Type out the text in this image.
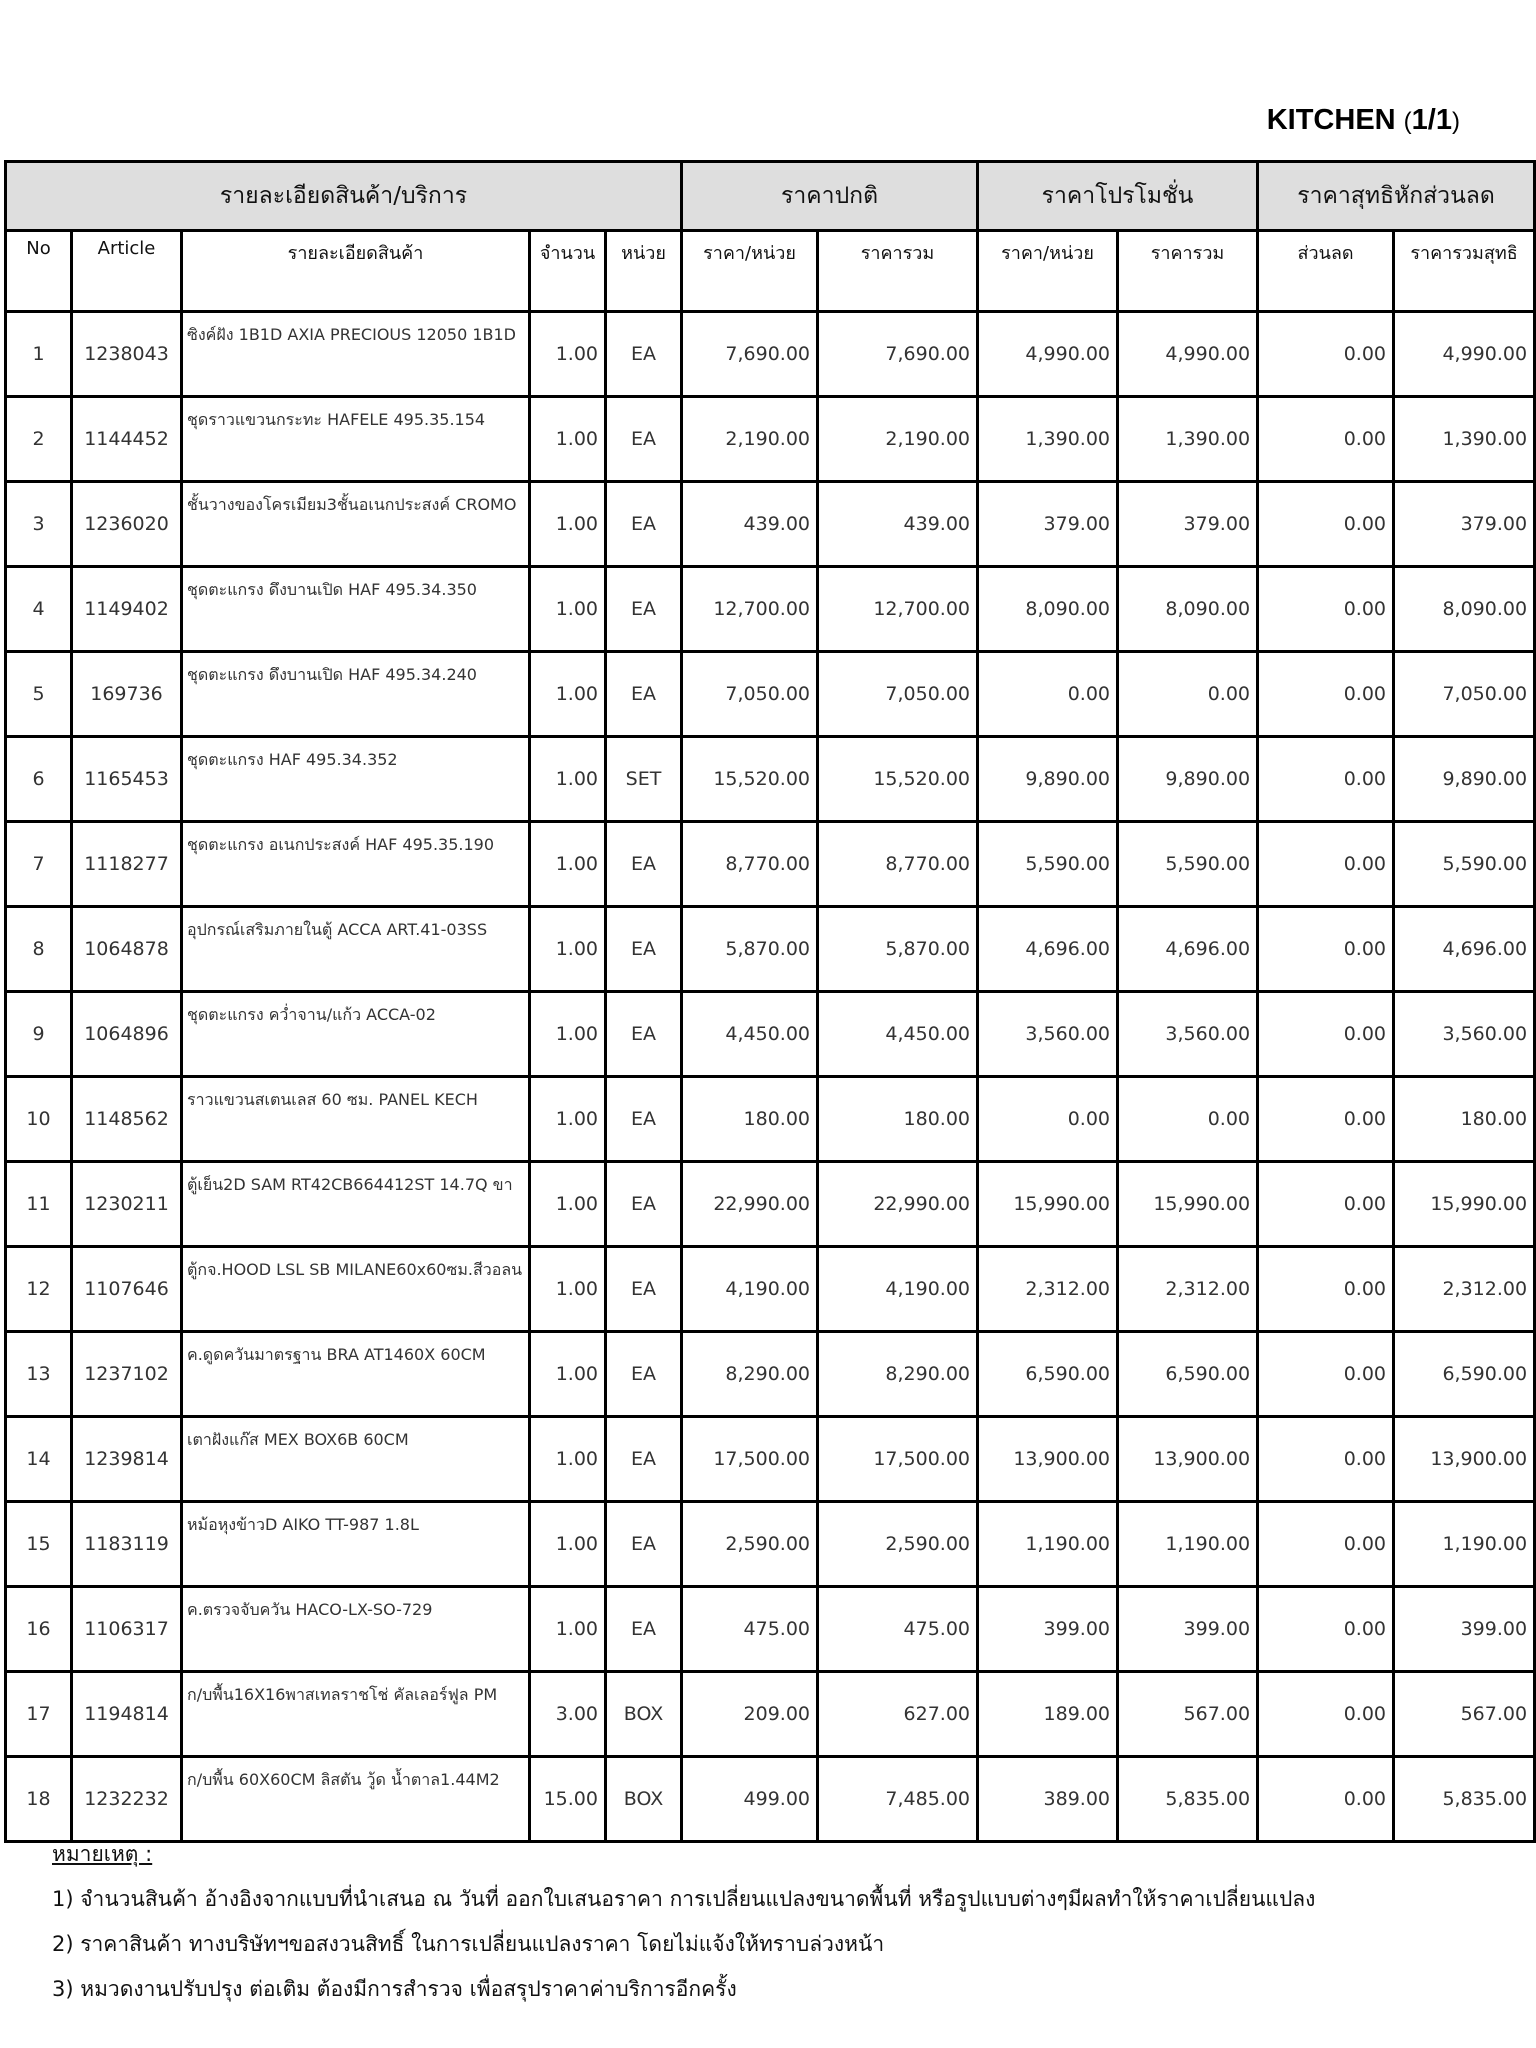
KITCHEN (1/1)
รายละเอียดสินค้า/บริการ					ราคาปกติ		ราคาโปรโมชั่น		ราคาสุทธิหักส่วนลด	
No	Article	รายละเอียดสินค้า	จำนวน	หน่วย	ราคา/หน่วย	ราคารวม	ราคา/หน่วย	ราคารวม	ส่วนลด	ราคารวมสุทธิ
1	1238043	ซิงค์ฝัง 1B1D AXIA PRECIOUS 12050 1B1D	1.00	EA	7,690.00	7,690.00	4,990.00	4,990.00	0.00	4,990.00
2	1144452	ชุดราวแขวนกระทะ HAFELE 495.35.154	1.00	EA	2,190.00	2,190.00	1,390.00	1,390.00	0.00	1,390.00
3	1236020	ชั้นวางของโครเมียม3ชั้นอเนกประสงค์ CROMO	1.00	EA	439.00	439.00	379.00	379.00	0.00	379.00
4	1149402	ชุดตะแกรง ดึงบานเปิด HAF 495.34.350	1.00	EA	12,700.00	12,700.00	8,090.00	8,090.00	0.00	8,090.00
5	169736	ชุดตะแกรง ดึงบานเปิด HAF 495.34.240	1.00	EA	7,050.00	7,050.00	0.00	0.00	0.00	7,050.00
6	1165453	ชุดตะแกรง HAF 495.34.352	1.00	SET	15,520.00	15,520.00	9,890.00	9,890.00	0.00	9,890.00
7	1118277	ชุดตะแกรง อเนกประสงค์ HAF 495.35.190	1.00	EA	8,770.00	8,770.00	5,590.00	5,590.00	0.00	5,590.00
8	1064878	อุปกรณ์เสริมภายในตู้ ACCA ART.41-03SS	1.00	EA	5,870.00	5,870.00	4,696.00	4,696.00	0.00	4,696.00
9	1064896	ชุดตะแกรง คว่ำจาน/แก้ว ACCA-02	1.00	EA	4,450.00	4,450.00	3,560.00	3,560.00	0.00	3,560.00
10	1148562	ราวแขวนสเตนเลส 60 ซม. PANEL KECH	1.00	EA	180.00	180.00	0.00	0.00	0.00	180.00
11	1230211	ตู้เย็น2D SAM RT42CB664412ST 14.7Q ขา	1.00	EA	22,990.00	22,990.00	15,990.00	15,990.00	0.00	15,990.00
12	1107646	ตู้กจ.HOOD LSL SB MILANE60x60ซม.สีวอลน	1.00	EA	4,190.00	4,190.00	2,312.00	2,312.00	0.00	2,312.00
13	1237102	ค.ดูดควันมาตรฐาน BRA AT1460X 60CM	1.00	EA	8,290.00	8,290.00	6,590.00	6,590.00	0.00	6,590.00
14	1239814	เตาฝังแก๊ส MEX BOX6B 60CM	1.00	EA	17,500.00	17,500.00	13,900.00	13,900.00	0.00	13,900.00
15	1183119	หม้อหุงข้าวD AIKO TT-987 1.8L	1.00	EA	2,590.00	2,590.00	1,190.00	1,190.00	0.00	1,190.00
16	1106317	ค.ตรวจจับควัน HACO-LX-SO-729	1.00	EA	475.00	475.00	399.00	399.00	0.00	399.00
17	1194814	ก/บพื้น16X16พาสเทลราชโช่ คัลเลอร์ฟูล PM	3.00	BOX	209.00	627.00	189.00	567.00	0.00	567.00
18	1232232	ก/บพื้น 60X60CM ลิสตัน วู้ด น้ำตาล1.44M2	15.00	BOX	499.00	7,485.00	389.00	5,835.00	0.00	5,835.00
หมายเหตุ :
1) จำนวนสินค้า อ้างอิงจากแบบที่นำเสนอ ณ วันที่ ออกใบเสนอราคา การเปลี่ยนแปลงขนาดพื้นที่ หรือรูปแบบต่างๆมีผลทำให้ราคาเปลี่ยนแปลง
2) ราคาสินค้า ทางบริษัทฯขอสงวนสิทธิ์ ในการเปลี่ยนแปลงราคา โดยไม่แจ้งให้ทราบล่วงหน้า
3) หมวดงานปรับปรุง ต่อเติม ต้องมีการสำรวจ เพื่อสรุปราคาค่าบริการอีกครั้ง
